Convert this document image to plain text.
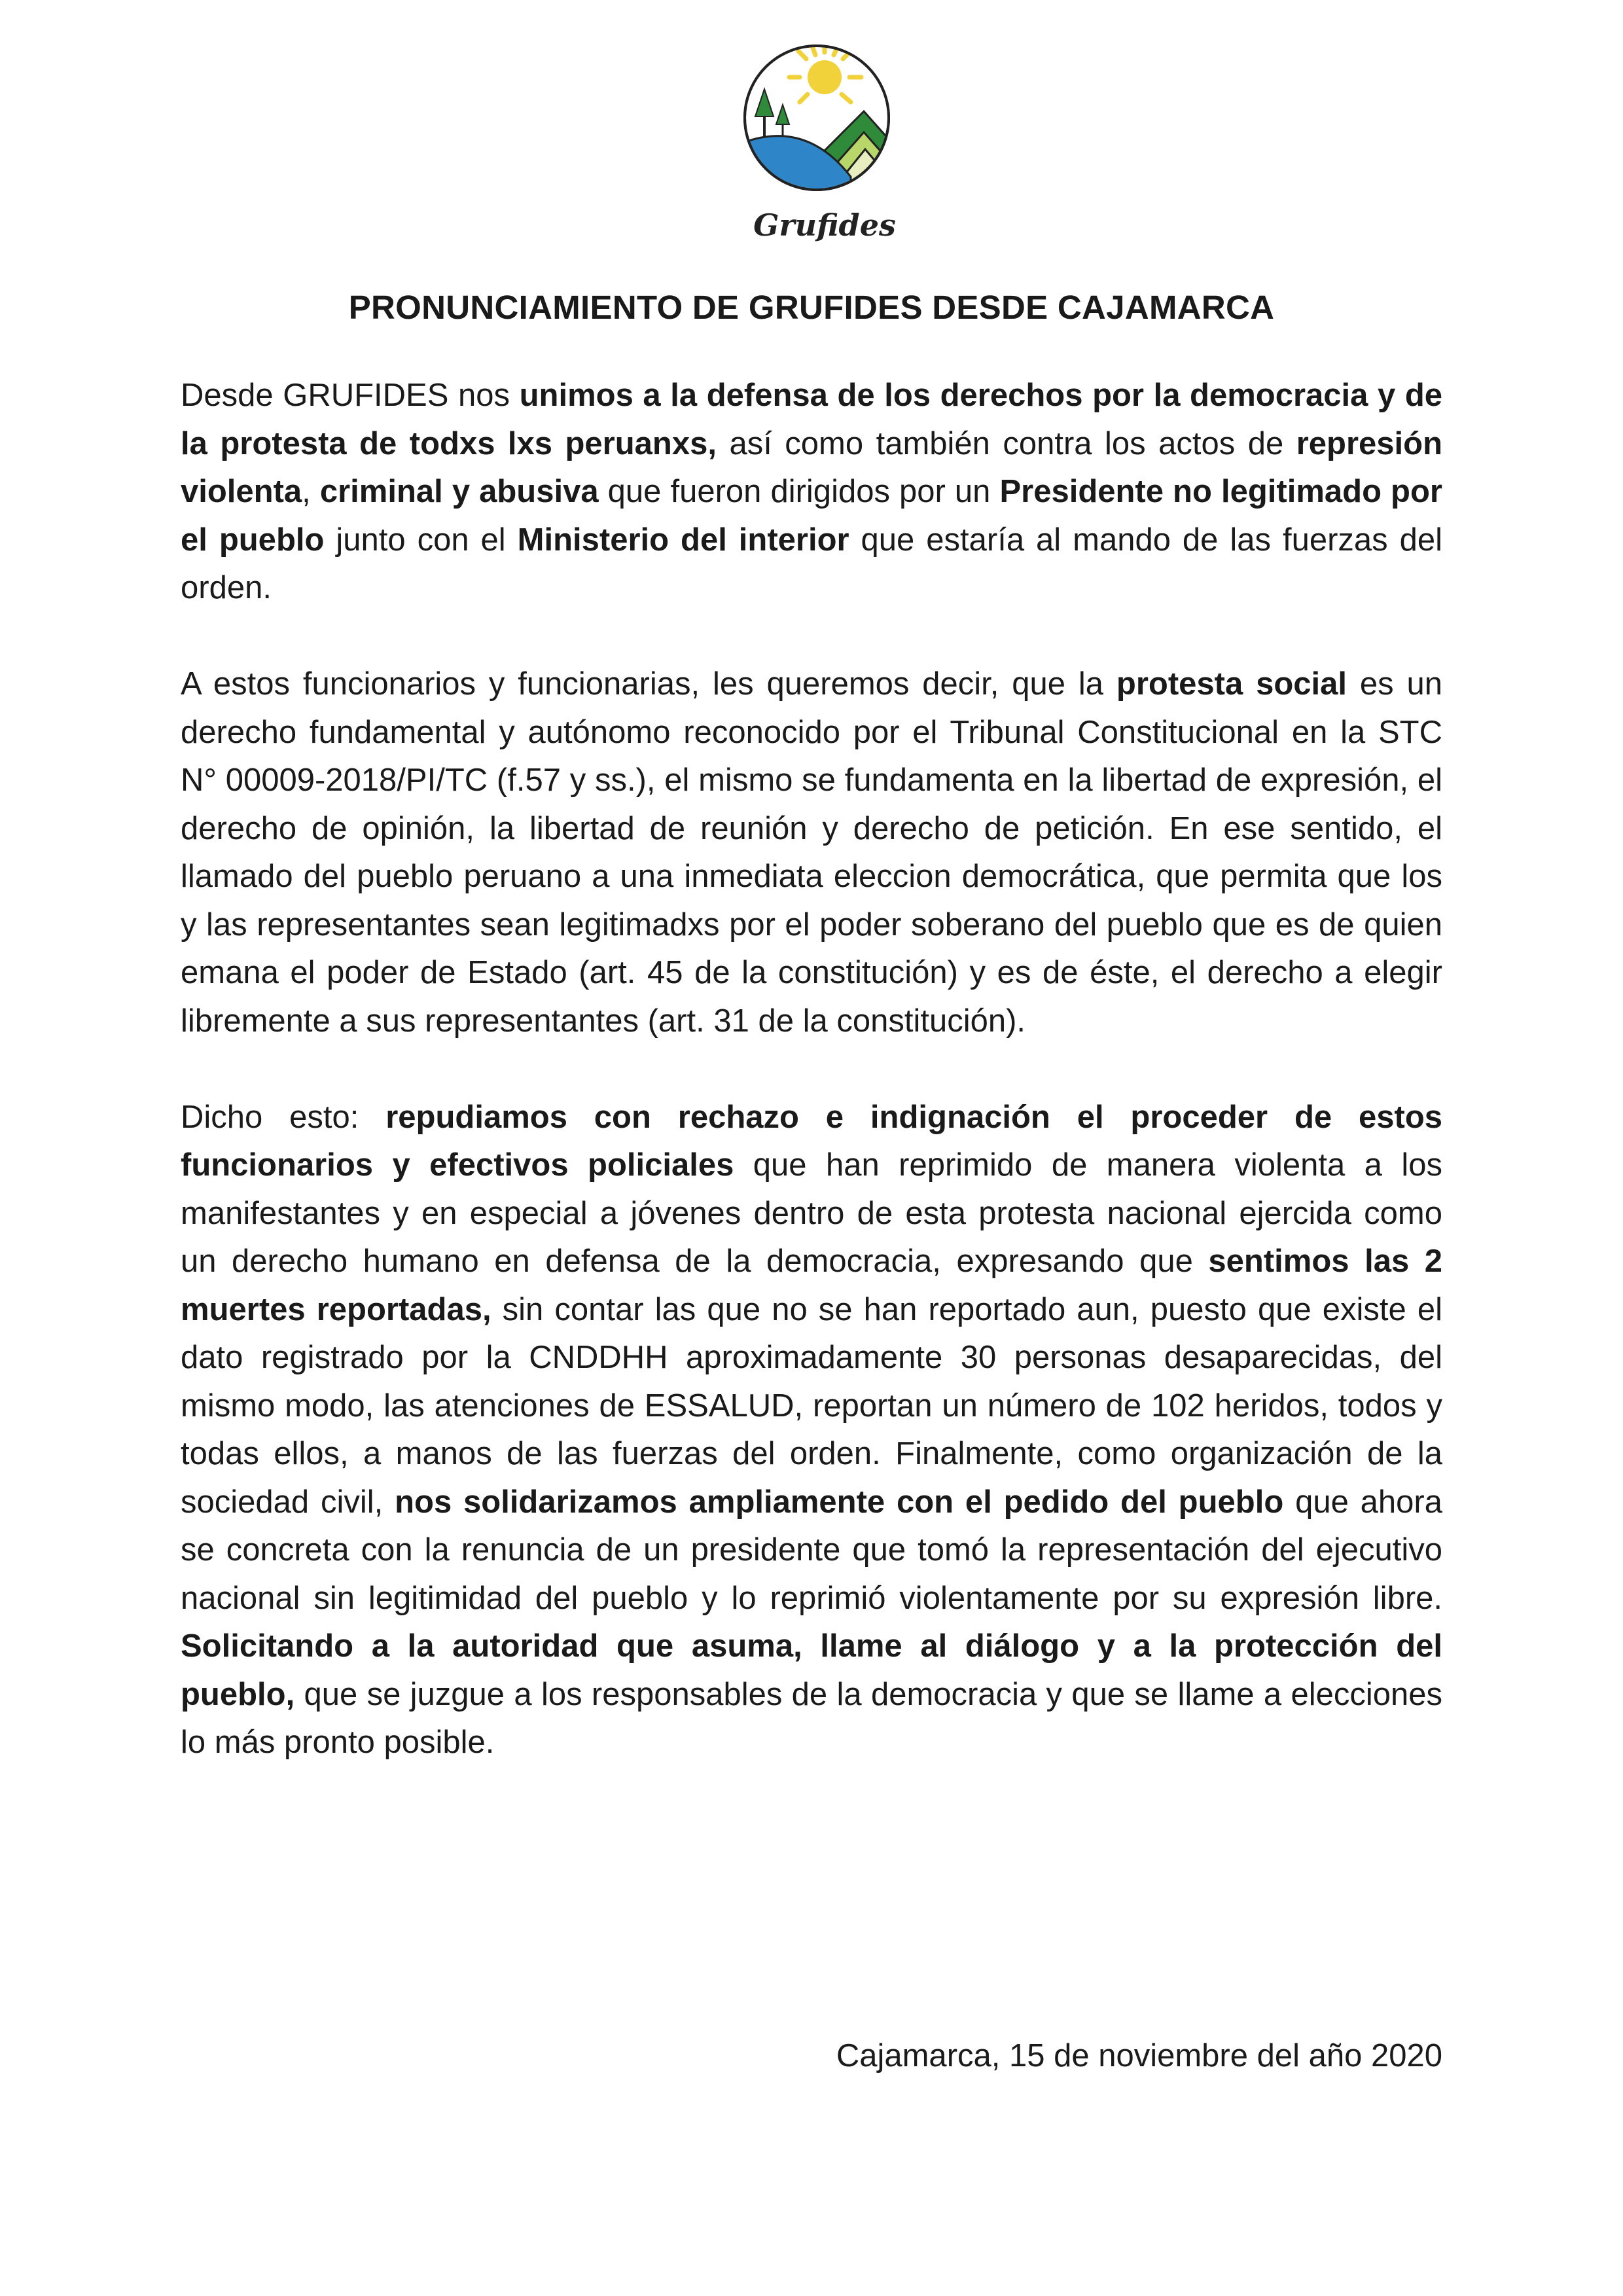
Grufides
PRONUNCIAMIENTO DE GRUFIDES DESDE CAJAMARCA

Desde GRUFIDES nos unimos a la defensa de los derechos por la democracia y de la protesta de todxs lxs peruanxs, así como también contra los actos de represión violenta, criminal y abusiva que fueron dirigidos por un Presidente no legitimado por el pueblo junto con el Ministerio del interior que estaría al mando de las fuerzas del orden.

A estos funcionarios y funcionarias, les queremos decir, que la protesta social es un derecho fundamental y autónomo reconocido por el Tribunal Constitucional en la STC N° 00009-2018/PI/TC (f.57 y ss.), el mismo se fundamenta en la libertad de expresión, el derecho de opinión, la libertad de reunión y derecho de petición. En ese sentido, el llamado del pueblo peruano a una inmediata eleccion democrática, que permita que los y las representantes sean legitimadxs por el poder soberano del pueblo que es de quien emana el poder de Estado (art. 45 de la constitución) y es de éste, el derecho a elegir libremente a sus representantes (art. 31 de la constitución).

Dicho esto: repudiamos con rechazo e indignación el proceder de estos funcionarios y efectivos policiales que han reprimido de manera violenta a los manifestantes y en especial a jóvenes dentro de esta protesta nacional ejercida como un derecho humano en defensa de la democracia, expresando que sentimos las 2 muertes reportadas, sin contar las que no se han reportado aun, puesto que existe el dato registrado por la CNDDHH aproximadamente 30 personas desaparecidas, del mismo modo, las atenciones de ESSALUD, reportan un número de 102 heridos, todos y todas ellos, a manos de las fuerzas del orden. Finalmente, como organización de la sociedad civil, nos solidarizamos ampliamente con el pedido del pueblo que ahora se concreta con la renuncia de un presidente que tomó la representación del ejecutivo nacional sin legitimidad del pueblo y lo reprimió violentamente por su expresión libre. Solicitando a la autoridad que asuma, llame al diálogo y a la protección del pueblo, que se juzgue a los responsables de la democracia y que se llame a elecciones lo más pronto posible.

Cajamarca, 15 de noviembre del año 2020
